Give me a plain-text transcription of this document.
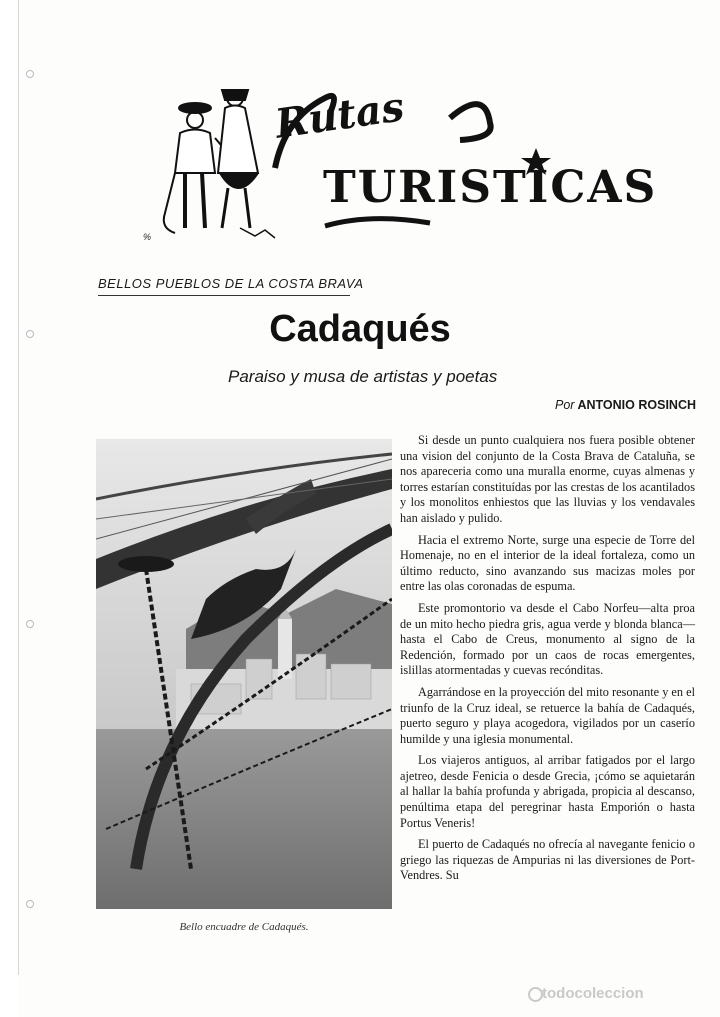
Rutas
TURISTICAS
%
BELLOS PUEBLOS DE LA COSTA BRAVA
Cadaqués
Paraiso y musa de artistas y poetas
Por ANTONIO ROSINCH
Bello encuadre de Cadaqués.

Si desde un punto cualquiera nos fuera posible obtener una vision del conjunto de la Costa Brava de Cataluña, se nos apareceria como una muralla enorme, cuyas almenas y torres estarían constituídas por las crestas de los acantilados y los monolitos enhiestos que las lluvias y los vendavales han aislado y pulido.

Hacia el extremo Norte, surge una especie de Torre del Homenaje, no en el interior de la ideal fortaleza, como un último reducto, sino avanzando sus macizas moles por entre las olas coronadas de espuma.

Este promontorio va desde el Cabo Norfeu—alta proa de un mito hecho piedra gris, agua verde y blonda blanca—hasta el Cabo de Creus, monumento al signo de la Redención, formado por un caos de rocas emergentes, islillas atormentadas y cuevas recónditas.

Agarrándose en la proyección del mito resonante y en el triunfo de la Cruz ideal, se retuerce la bahía de Cadaqués, puerto seguro y playa acogedora, vigilados por un caserío humilde y una iglesia monumental.

Los viajeros antiguos, al arribar fatigados por el largo ajetreo, desde Fenicia o desde Grecia, ¡cómo se aquietarán al hallar la bahía profunda y abrigada, propicia al descanso, penúltima etapa del peregrinar hasta Emporión o hasta Portus Veneris!

El puerto de Cadaqués no ofrecía al navegante fenicio o griego las riquezas de Ampurias ni las diversiones de Port-Vendres. Su

todocoleccion
